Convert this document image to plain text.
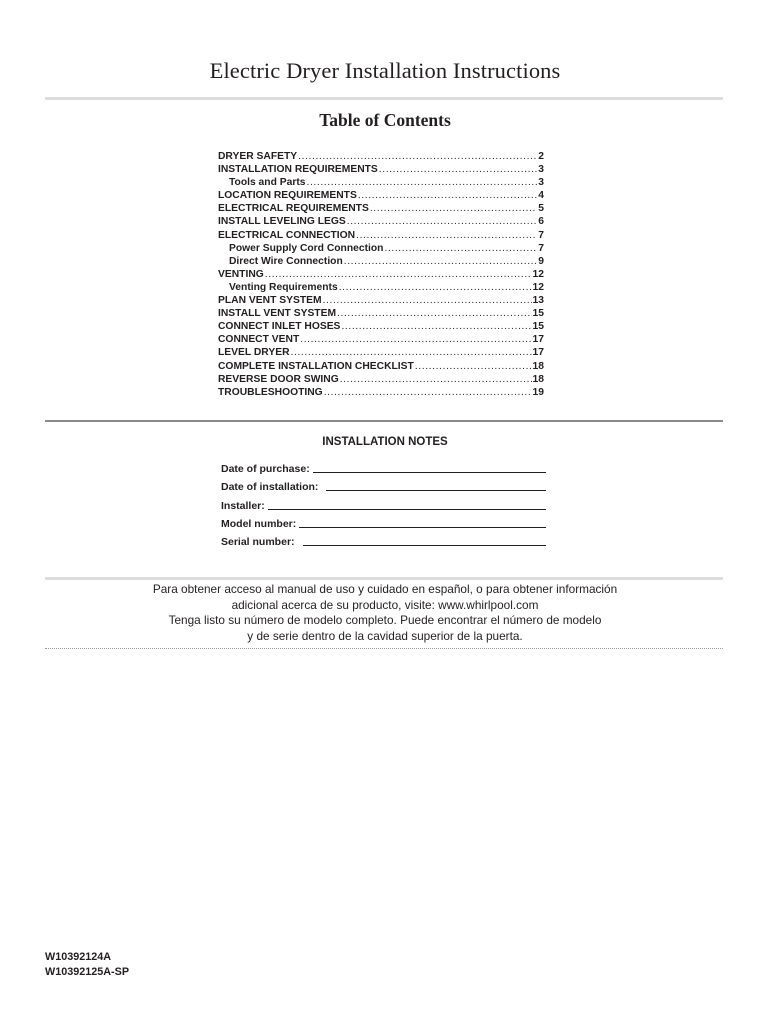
Electric Dryer Installation Instructions
Table of Contents
DRYER SAFETY .....	2
INSTALLATION REQUIREMENTS .....	3
Tools and Parts .....	3
LOCATION REQUIREMENTS .....	4
ELECTRICAL REQUIREMENTS .....	5
INSTALL LEVELING LEGS .....	6
ELECTRICAL CONNECTION .....	7
Power Supply Cord Connection .....	7
Direct Wire Connection .....	9
VENTING .....	12
Venting Requirements .....	12
PLAN VENT SYSTEM .....	13
INSTALL VENT SYSTEM .....	15
CONNECT INLET HOSES .....	15
CONNECT VENT .....	17
LEVEL DRYER .....	17
COMPLETE INSTALLATION CHECKLIST .....	18
REVERSE DOOR SWING .....	18
TROUBLESHOOTING .....	19
INSTALLATION NOTES
Date of purchase:
Date of installation:
Installer:
Model number:
Serial number:
Para obtener acceso al manual de uso y cuidado en español, o para obtener información
adicional acerca de su producto, visite: www.whirlpool.com
Tenga listo su número de modelo completo. Puede encontrar el número de modelo
y de serie dentro de la cavidad superior de la puerta.
W10392124A
W10392125A-SP
